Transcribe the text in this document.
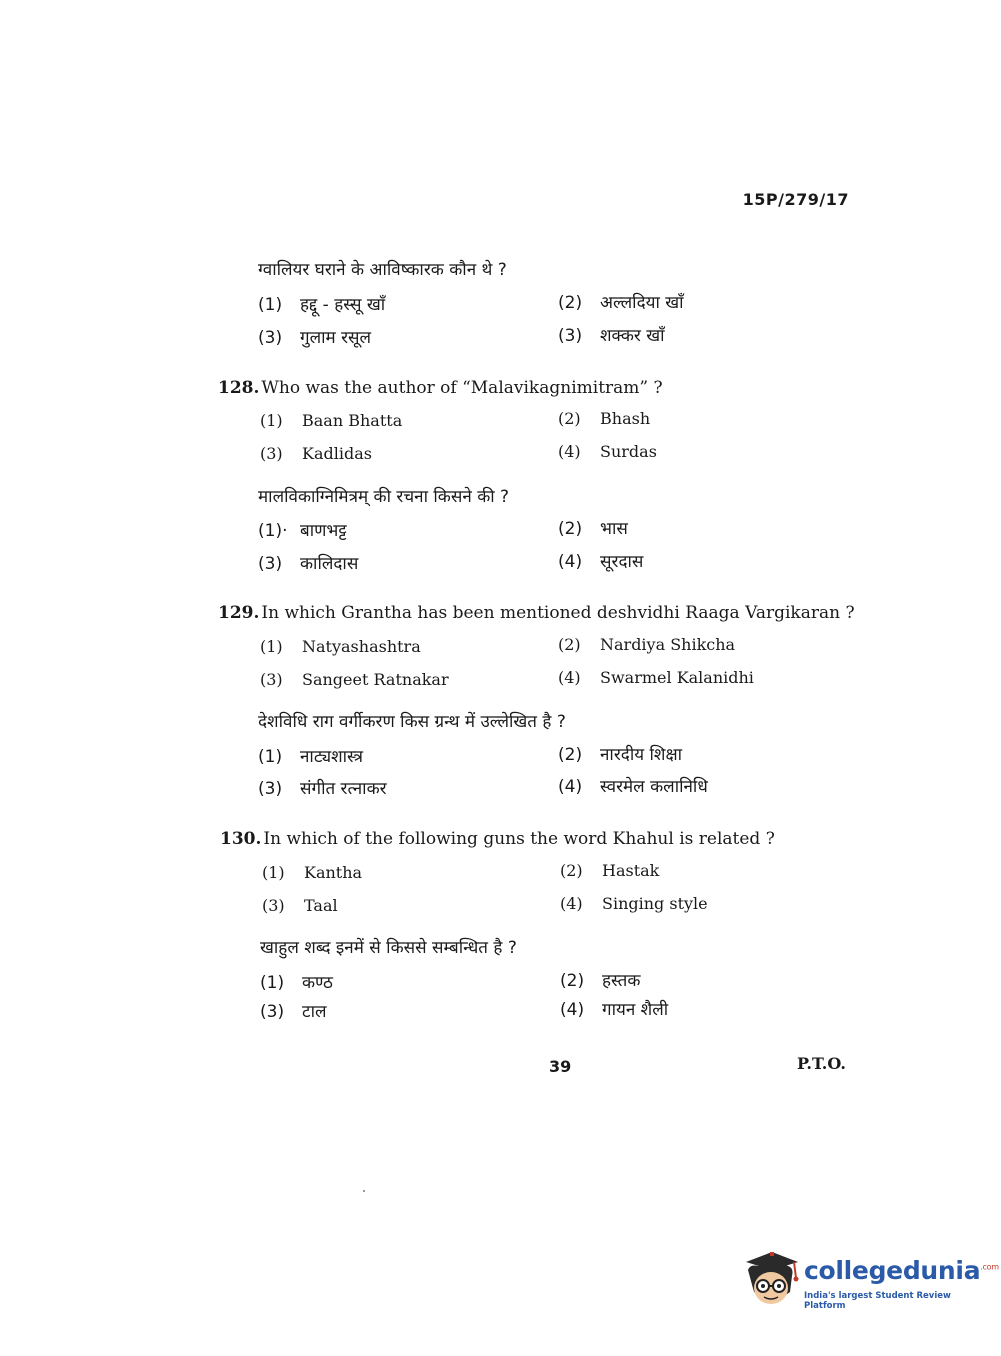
15P/279/17
ग्वालियर घराने के आविष्कारक कौन थे ?
(1) हद्दू - हस्सू खाँ	(2) अल्लदिया खाँ
(3) गुलाम रसूल	(3) शक्कर खाँ
128. Who was the author of “Malavikagnimitram” ?
(1) Baan Bhatta	(2) Bhash
(3) Kadlidas	(4) Surdas
मालविकाग्निमित्रम् की रचना किसने की ?
(1)· बाणभट्ट	(2) भास
(3) कालिदास	(4) सूरदास
129. In which Grantha has been mentioned deshvidhi Raaga Vargikaran ?
(1) Natyashashtra	(2) Nardiya Shikcha
(3) Sangeet Ratnakar	(4) Swarmel Kalanidhi
देशविधि राग वर्गीकरण किस ग्रन्थ में उल्लेखित है ?
(1) नाट्यशास्त्र	(2) नारदीय शिक्षा
(3) संगीत रत्नाकर	(4) स्वरमेल कलानिधि
130. In which of the following guns the word Khahul is related ?
(1) Kantha	(2) Hastak
(3) Taal	(4) Singing style
खाहुल शब्द इनमें से किससे सम्बन्धित है ?
(1) कण्ठ	(2) हस्तक
(3) टाल	(4) गायन शैली
39	P.T.O.
collegedunia$^{.com}$
India's largest Student Review Platform
